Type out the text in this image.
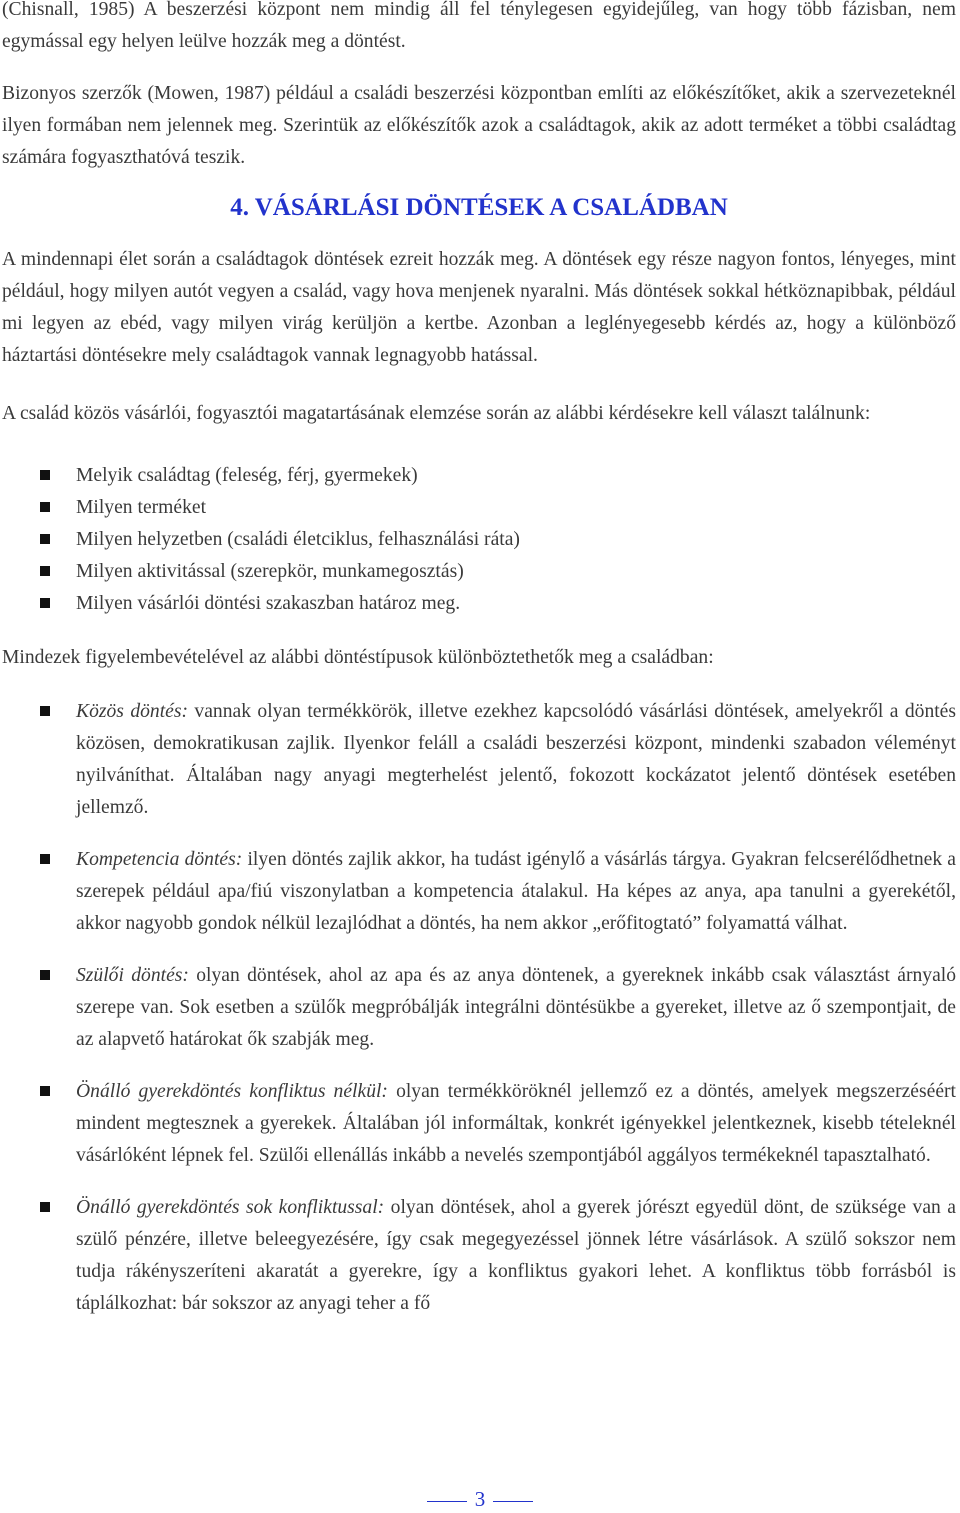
(Chisnall, 1985) A beszerzési központ nem mindig áll fel ténylegesen egyidejűleg, van hogy több fázisban, nem egymással egy helyen leülve hozzák meg a döntést.

Bizonyos szerzők (Mowen, 1987) például a családi beszerzési központban említi az előkészítőket, akik a szervezeteknél ilyen formában nem jelennek meg. Szerintük az előkészítők azok a családtagok, akik az adott terméket a többi családtag számára fogyaszthatóvá teszik.

4. VÁSÁRLÁSI DÖNTÉSEK A CSALÁDBAN

A mindennapi élet során a családtagok döntések ezreit hozzák meg. A döntések egy része nagyon fontos, lényeges, mint például, hogy milyen autót vegyen a család, vagy hova menjenek nyaralni. Más döntések sokkal hétköznapibbak, például mi legyen az ebéd, vagy milyen virág kerüljön a kertbe. Azonban a leglényegesebb kérdés az, hogy a különböző háztartási döntésekre mely családtagok vannak legnagyobb hatással.

A család közös vásárlói, fogyasztói magatartásának elemzése során az alábbi kérdésekre kell választ találnunk:

Melyik családtag (feleség, férj, gyermekek)
Milyen terméket
Milyen helyzetben (családi életciklus, felhasználási ráta)
Milyen aktivitással (szerepkör, munkamegosztás)
Milyen vásárlói döntési szakaszban határoz meg.

Mindezek figyelembevételével az alábbi döntéstípusok különböztethetők meg a családban:

Közös döntés: vannak olyan termékkörök, illetve ezekhez kapcsolódó vásárlási döntések, amelyekről a döntés közösen, demokratikusan zajlik. Ilyenkor feláll a családi beszerzési központ, mindenki szabadon véleményt nyilváníthat. Általában nagy anyagi megterhelést jelentő, fokozott kockázatot jelentő döntések esetében jellemző.
Kompetencia döntés: ilyen döntés zajlik akkor, ha tudást igénylő a vásárlás tárgya. Gyakran felcserélődhetnek a szerepek például apa/fiú viszonylatban a kompetencia átalakul. Ha képes az anya, apa tanulni a gyerekétől, akkor nagyobb gondok nélkül lezajlódhat a döntés, ha nem akkor „erőfitogtató” folyamattá válhat.
Szülői döntés: olyan döntések, ahol az apa és az anya döntenek, a gyereknek inkább csak választást árnyaló szerepe van. Sok esetben a szülők megpróbálják integrálni döntésükbe a gyereket, illetve az ő szempontjait, de az alapvető határokat ők szabják meg.
Önálló gyerekdöntés konfliktus nélkül: olyan termékköröknél jellemző ez a döntés, amelyek megszerzéséért mindent megtesznek a gyerekek. Általában jól informáltak, konkrét igényekkel jelentkeznek, kisebb tételeknél vásárlóként lépnek fel. Szülői ellenállás inkább a nevelés szempontjából aggályos termékeknél tapasztalható.
Önálló gyerekdöntés sok konfliktussal: olyan döntések, ahol a gyerek jórészt egyedül dönt, de szüksége van a szülő pénzére, illetve beleegyezésére, így csak megegyezéssel jönnek létre vásárlások. A szülő sokszor nem tudja rákényszeríteni akaratát a gyerekre, így a konfliktus gyakori lehet. A konfliktus több forrásból is táplálkozhat: bár sokszor az anyagi teher a fő
3
